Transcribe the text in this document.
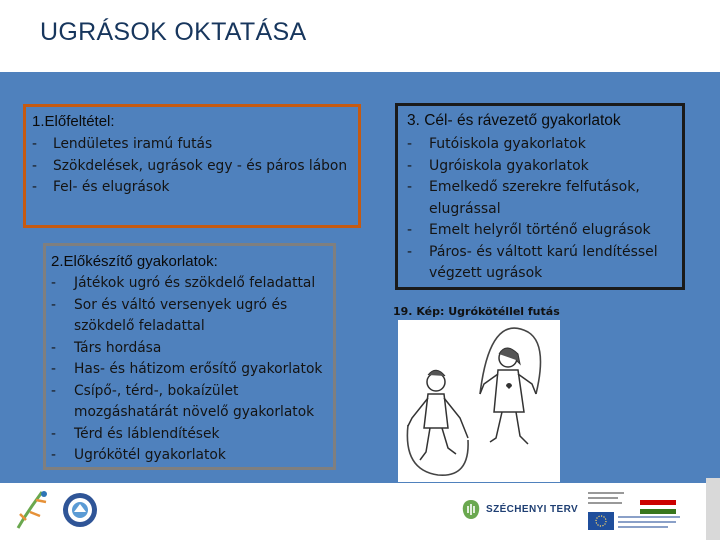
UGRÁSOK OKTATÁSA
1.Előfeltétel:
- Lendületes iramú futás
- Szökdelések, ugrások egy - és páros lábon
- Fel- és elugrások
2.Előkészítő gyakorlatok:
- Játékok ugró és szökdelő feladattal
- Sor és váltó versenyek ugró és szökdelő feladattal
- Társ hordása
- Has- és hátizom erősítő gyakorlatok
- Csípő-, térd-, bokaízület mozgáshatárát növelő gyakorlatok
- Térd és láblendítések
- Ugrókötél gyakorlatok
3. Cél- és rávezető gyakorlatok
- Futóiskola gyakorlatok
- Ugróiskola gyakorlatok
- Emelkedő szerekre felfutások, elugrással
- Emelt helyről történő elugrások
- Páros- és váltott karú lendítéssel végzett ugrások

19. Kép: Ugrókötéllel futás

SZÉCHENYI TERV
